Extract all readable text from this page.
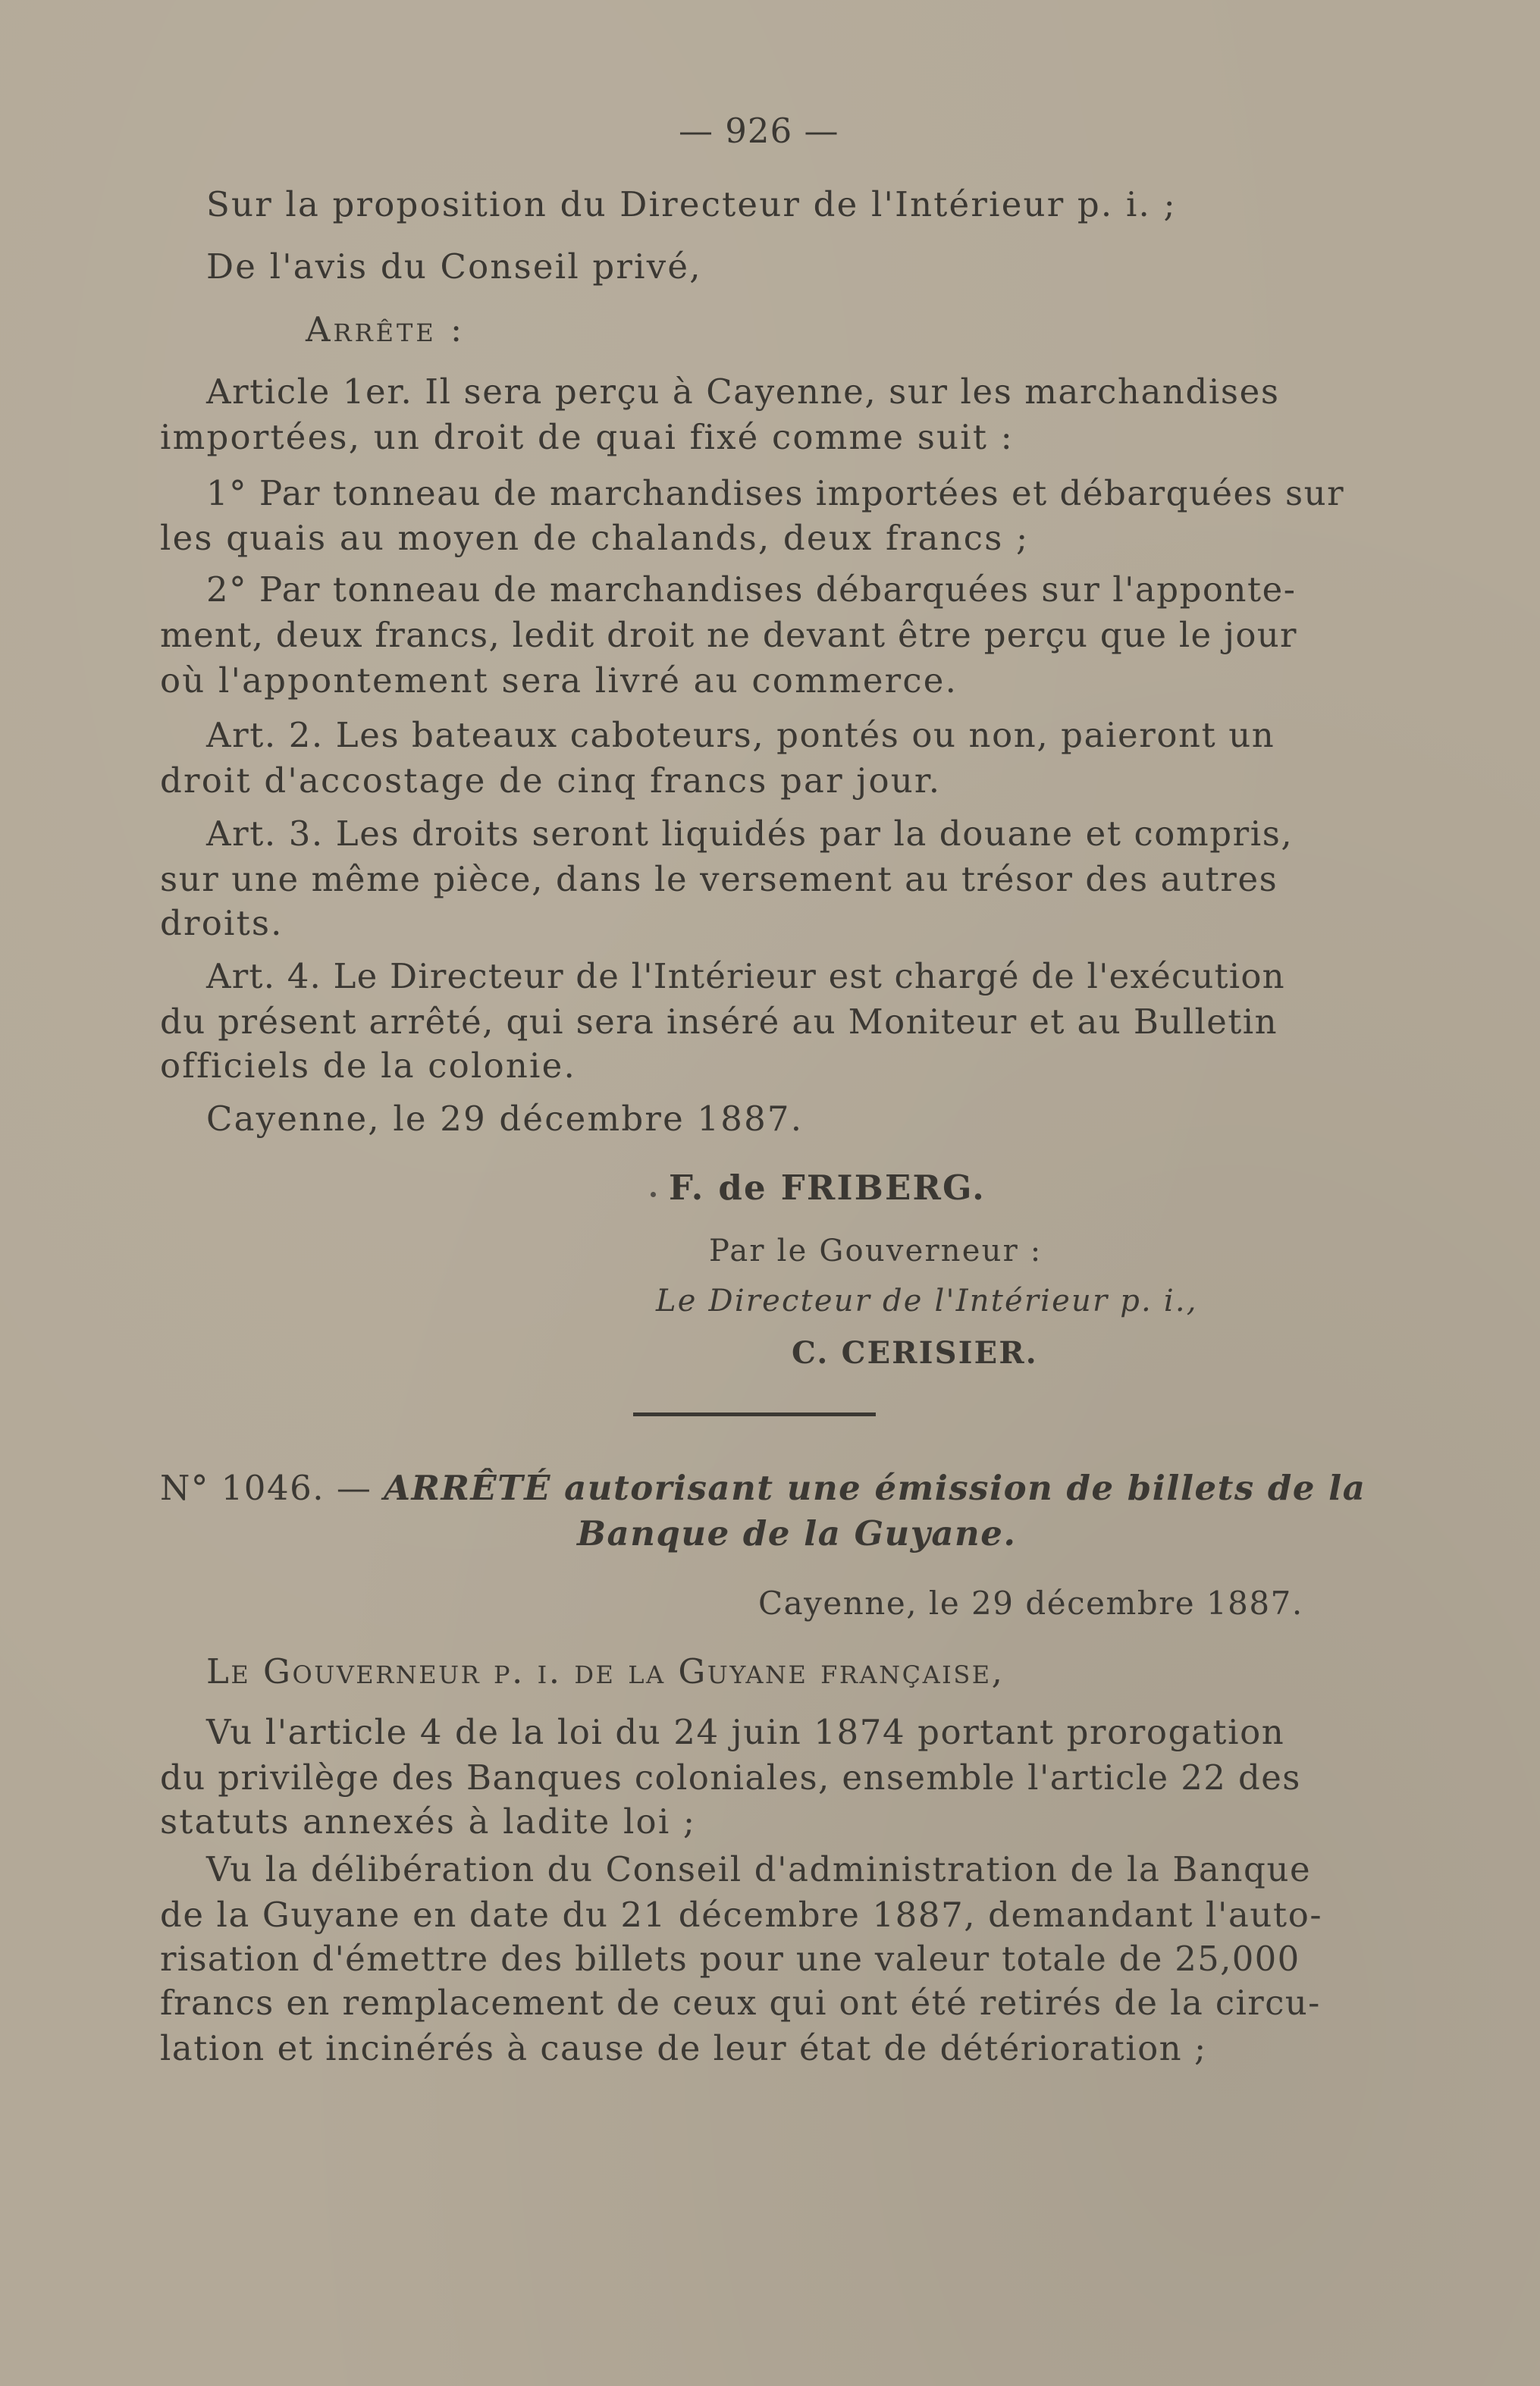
— 926 —
Sur la proposition du Directeur de l'Intérieur p. i. ;
De l'avis du Conseil privé,
Arrête :
Article 1er. Il sera perçu à Cayenne, sur les marchandises
importées, un droit de quai fixé comme suit :
1° Par tonneau de marchandises importées et débarquées sur
les quais au moyen de chalands, deux francs ;
2° Par tonneau de marchandises débarquées sur l'apponte-
ment, deux francs, ledit droit ne devant être perçu que le jour
où l'appontement sera livré au commerce.
Art. 2. Les bateaux caboteurs, pontés ou non, paieront un
droit d'accostage de cinq francs par jour.
Art. 3. Les droits seront liquidés par la douane et compris,
sur une même pièce, dans le versement au trésor des autres
droits.
Art. 4. Le Directeur de l'Intérieur est chargé de l'exécution
du présent arrêté, qui sera inséré au Moniteur et au Bulletin
officiels de la colonie.
Cayenne, le 29 décembre 1887.
F. de FRIBERG.
Par le Gouverneur :
Le Directeur de l'Intérieur p. i.,
C. CERISIER.
N° 1046. — ARRÊTÉ autorisant une émission de billets de la
Banque de la Guyane.
Cayenne, le 29 décembre 1887.
Le Gouverneur p. i. de la Guyane française,
Vu l'article 4 de la loi du 24 juin 1874 portant prorogation
du privilège des Banques coloniales, ensemble l'article 22 des
statuts annexés à ladite loi ;
Vu la délibération du Conseil d'administration de la Banque
de la Guyane en date du 21 décembre 1887, demandant l'auto-
risation d'émettre des billets pour une valeur totale de 25,000
francs en remplacement de ceux qui ont été retirés de la circu-
lation et incinérés à cause de leur état de détérioration ;
